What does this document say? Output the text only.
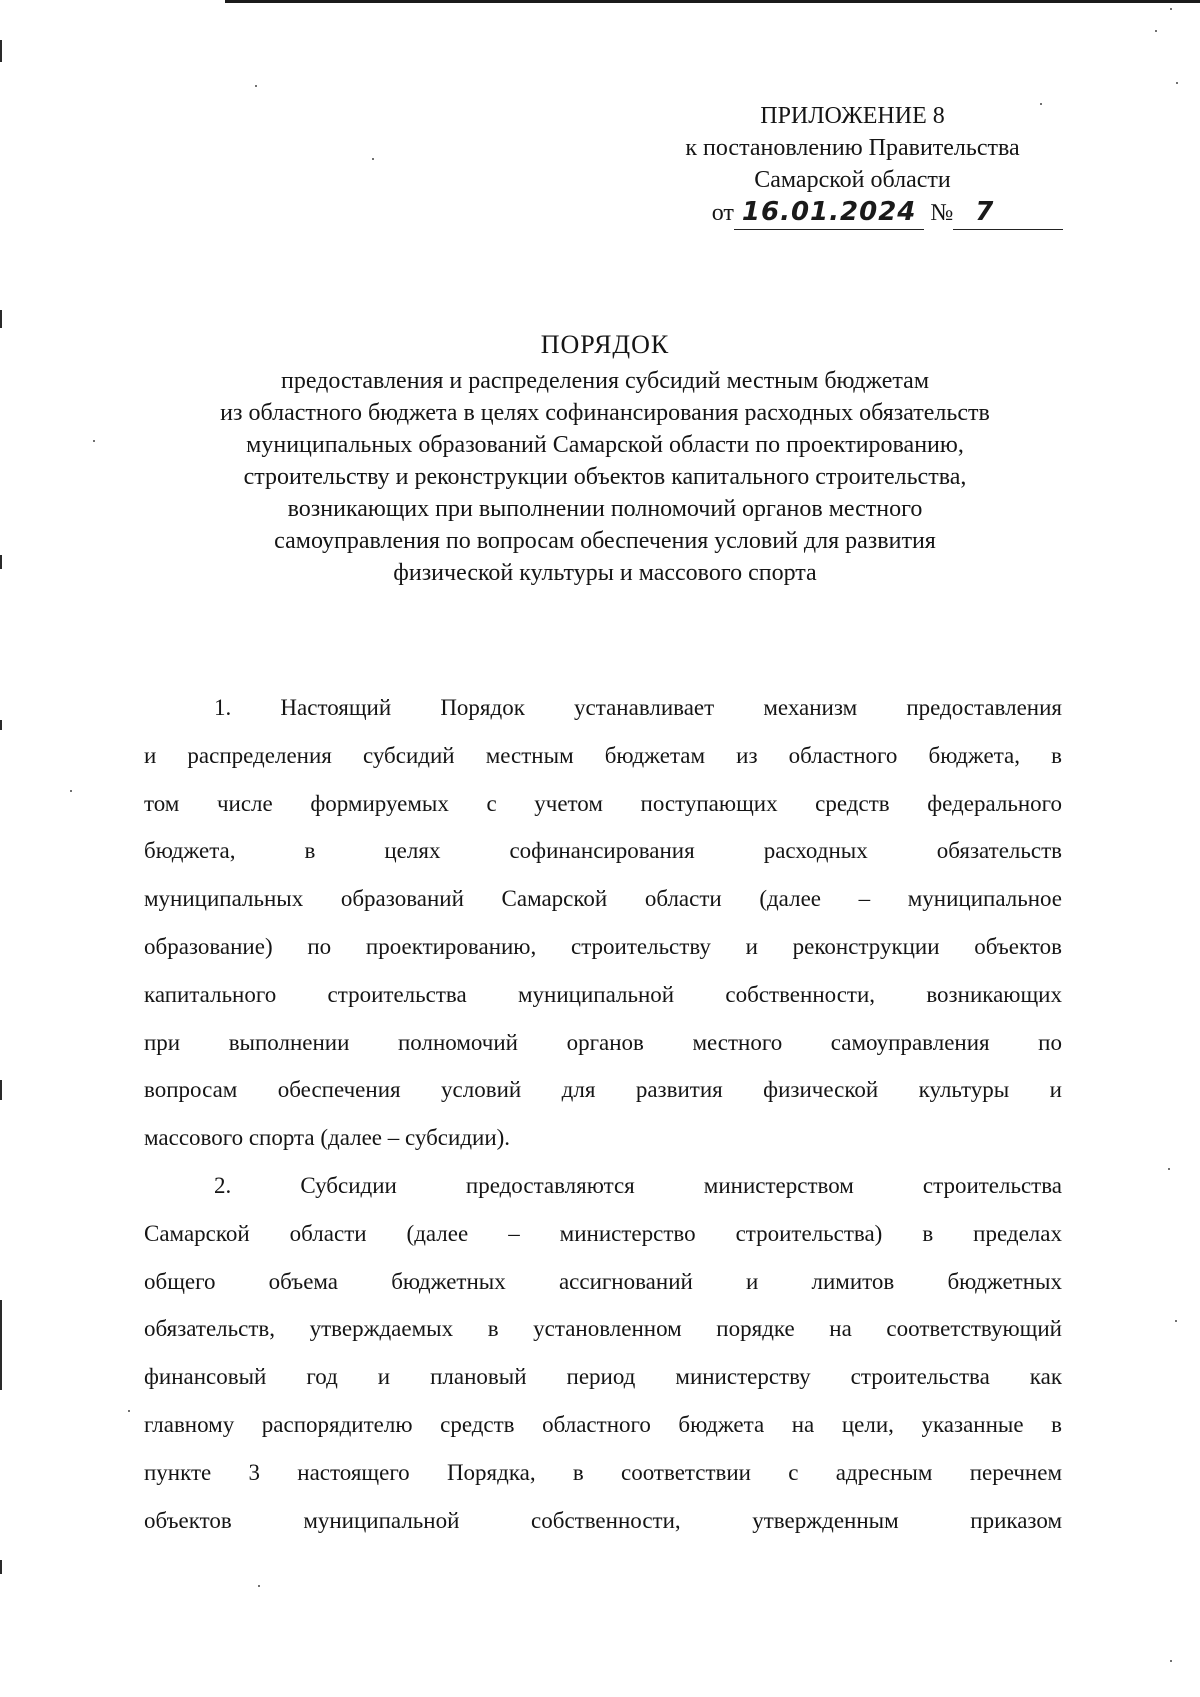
ПРИЛОЖЕНИЕ 8
к постановлению Правительства
Самарской области
от 16.01.2024 № 7
ПОРЯДОК
предоставления и распределения субсидий местным бюджетам
из областного бюджета в целях софинансирования расходных обязательств
муниципальных образований Самарской области по проектированию,
строительству и реконструкции объектов капитального строительства,
возникающих при выполнении полномочий органов местного
самоуправления по вопросам обеспечения условий для развития
физической культуры и массового спорта
1. Настоящий Порядок устанавливает механизм предоставления
и распределения субсидий местным бюджетам из областного бюджета, в
том числе формируемых с учетом поступающих средств федерального
бюджета, в целях софинансирования расходных обязательств
муниципальных образований Самарской области (далее – муниципальное
образование) по проектированию, строительству и реконструкции объектов
капитального строительства муниципальной собственности, возникающих
при выполнении полномочий органов местного самоуправления по
вопросам обеспечения условий для развития физической культуры и
массового спорта (далее – субсидии).
2. Субсидии предоставляются министерством строительства
Самарской области (далее – министерство строительства) в пределах
общего объема бюджетных ассигнований и лимитов бюджетных
обязательств, утверждаемых в установленном порядке на соответствующий
финансовый год и плановый период министерству строительства как
главному распорядителю средств областного бюджета на цели, указанные в
пункте 3 настоящего Порядка, в соответствии с адресным перечнем
объектов муниципальной собственности, утвержденным приказом
